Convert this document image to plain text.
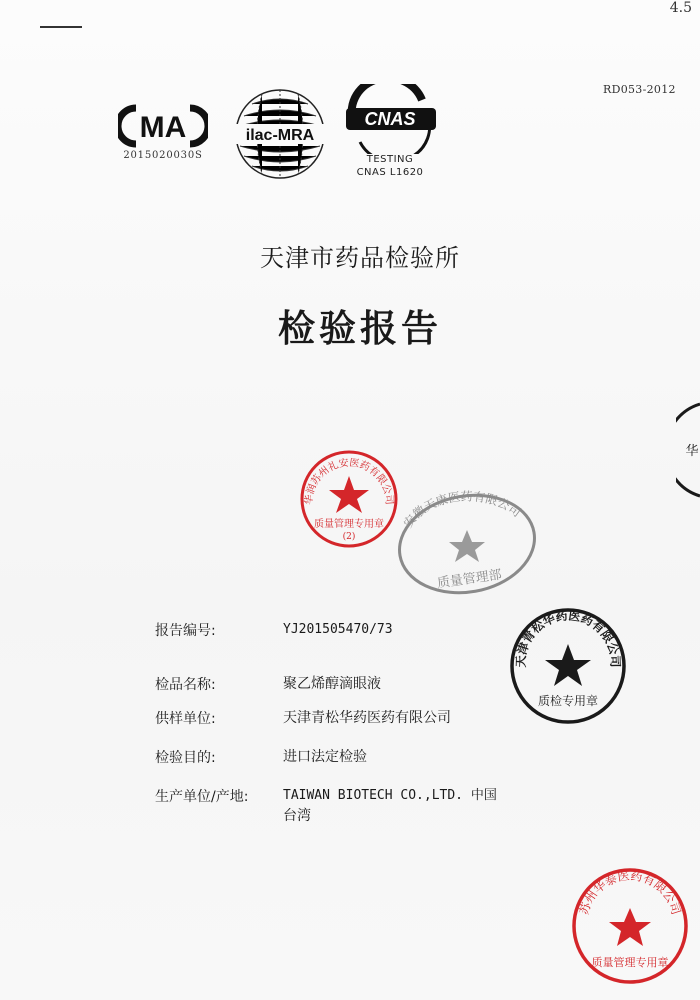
4.5
RD053-2012
MA
2015020030S
ilac-MRA
CNAS
TESTING
CNAS L1620
天津市药品检验所
检验报告
华润苏州礼安医药有限公司
质量管理专用章
(2)
安徽天康医药有限公司
质量管理部
天津青松华药医药有限公司
质检专用章
苏州华泰医药有限公司
质量管理专用章
华
报告编号:	YJ201505470/73
检品名称:	聚乙烯醇滴眼液
供样单位:	天津青松华药医药有限公司
检验目的:	进口法定检验
生产单位/产地:	TAIWAN BIOTECH CO.,LTD. 中国
台湾
